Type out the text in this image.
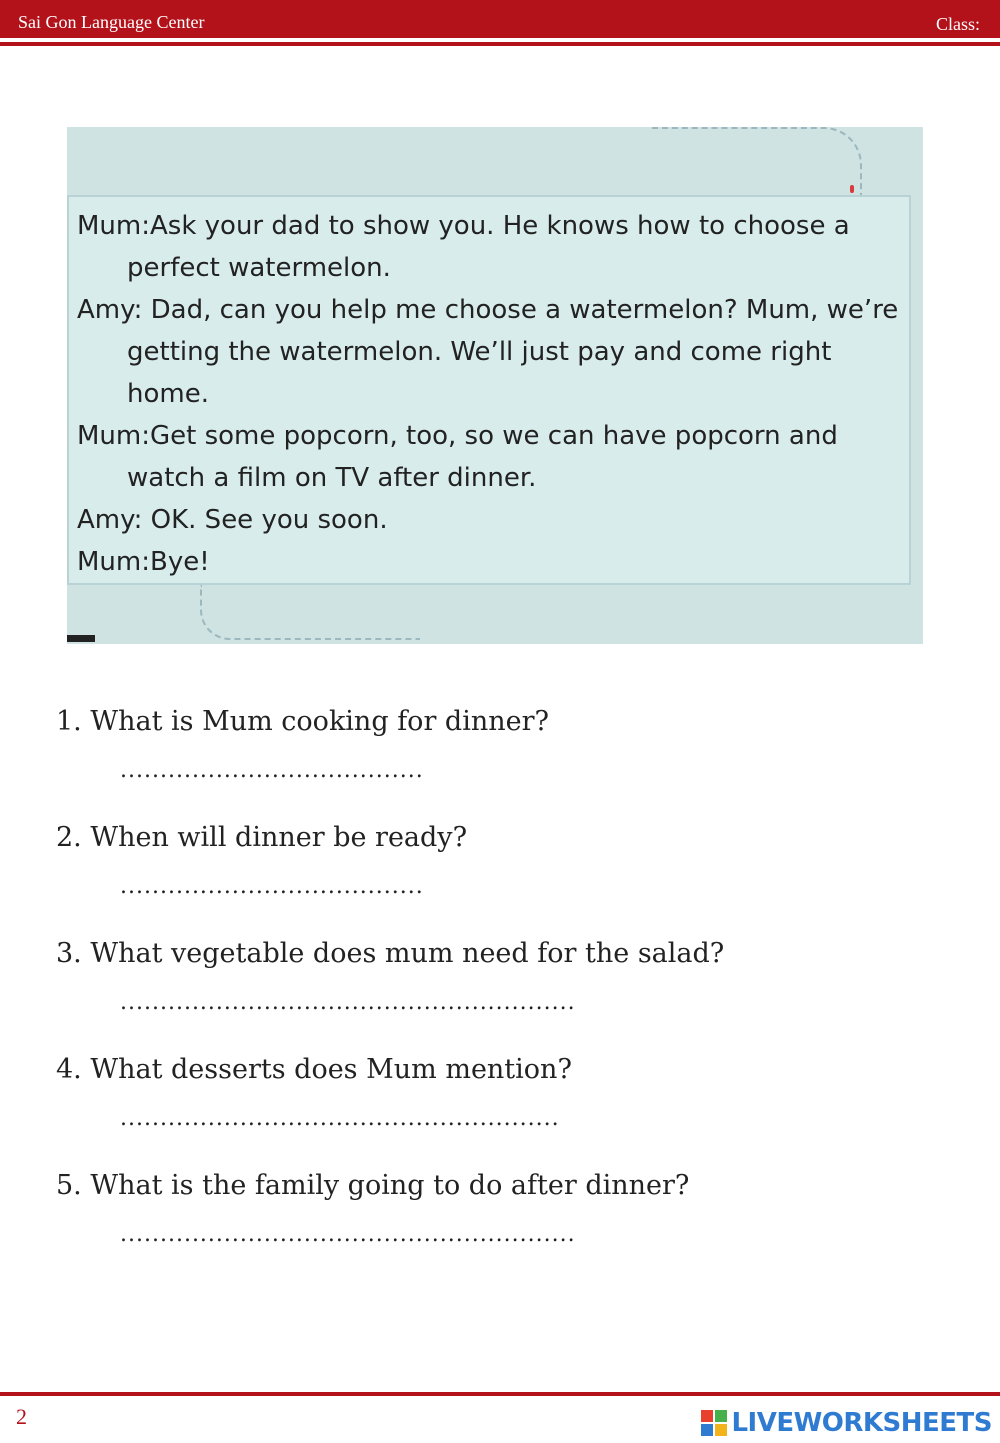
Sai Gon Language Center	Class:
Mum:Ask your dad to show you. He knows how to choose a perfect watermelon.
Amy: Dad, can you help me choose a watermelon? Mum, we’re getting the watermelon. We’ll just pay and come right home.
Mum:Get some popcorn, too, so we can have popcorn and watch a film on TV after dinner.
Amy: OK. See you soon.
Mum:Bye!
1. What is Mum cooking for dinner?
......................................
2. When will dinner be ready?
......................................
3. What vegetable does mum need for the salad?
.........................................................
4. What desserts does Mum mention?
.......................................................
5. What is the family going to do after dinner?
.........................................................
2	LIVEWORKSHEETS
